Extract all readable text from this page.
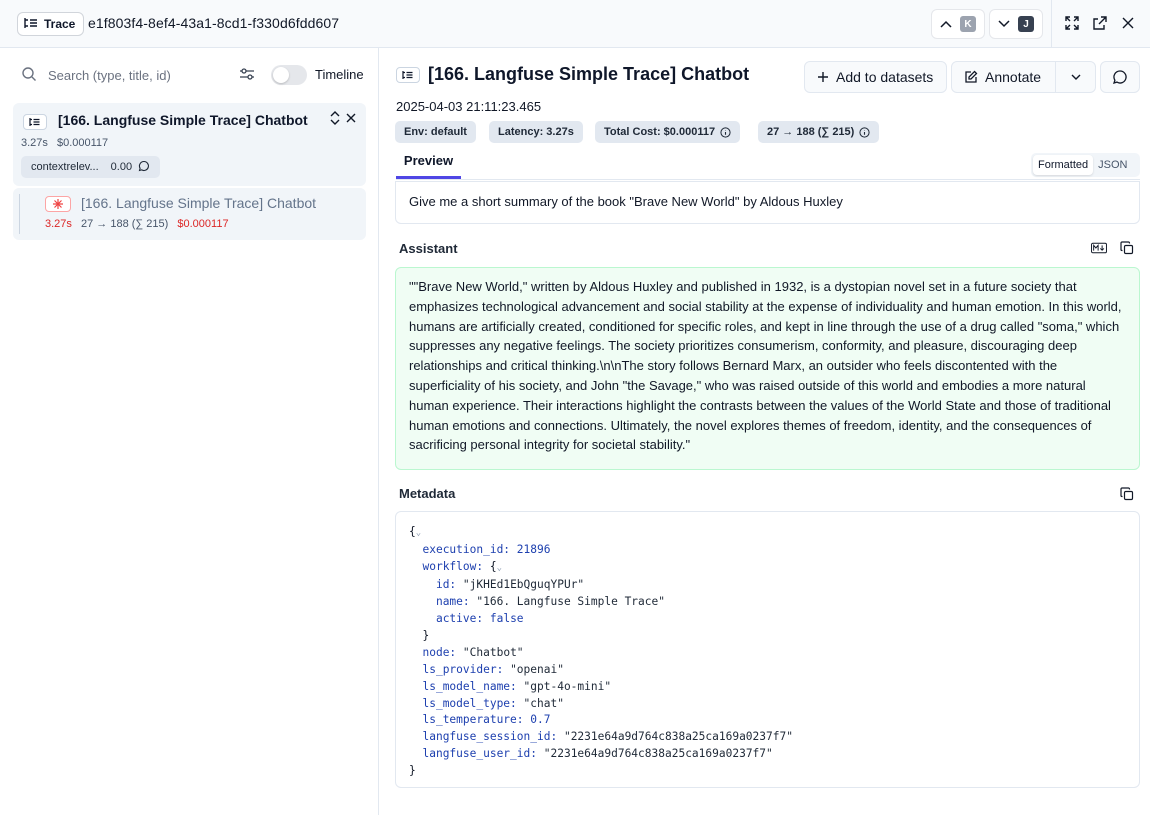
Trace e1f803f4-8ef4-43a1-8cd1-f330d6fdd607	K	J
Search (type, title, id)
Timeline
[166. Langfuse Simple Trace] Chatbot
3.27s $0.000117
contextrelev... 0.00
[166. Langfuse Simple Trace] Chatbot
3.27s 27 → 188 (∑ 215) $0.000117
[166. Langfuse Simple Trace] Chatbot	Add to datasets	Annotate
2025-04-03 21:11:23.465
Env: default	Latency: 3.27s	Total Cost: $0.000117	27 → 188 (∑ 215)
Preview	Formatted JSON
Give me a short summary of the book "Brave New World" by Aldous Huxley
Assistant
""Brave New World," written by Aldous Huxley and published in 1932, is a dystopian novel set in a future society that emphasizes technological advancement and social stability at the expense of individuality and human emotion. In this world, humans are artificially created, conditioned for specific roles, and kept in line through the use of a drug called "soma," which suppresses any negative feelings. The society prioritizes consumerism, conformity, and pleasure, discouraging deep relationships and critical thinking.\n\nThe story follows Bernard Marx, an outsider who feels discontented with the superficiality of his society, and John "the Savage," who was raised outside of this world and embodies a more natural human experience. Their interactions highlight the contrasts between the values of the World State and those of traditional human emotions and connections. Ultimately, the novel explores themes of freedom, identity, and the consequences of sacrificing personal integrity for societal stability."
Metadata
{⌄
execution_id: 21896
workflow: {⌄
id: "jKHEd1EbQguqYPUr"
name: "166. Langfuse Simple Trace"
active: false
}
node: "Chatbot"
ls_provider: "openai"
ls_model_name: "gpt-4o-mini"
ls_model_type: "chat"
ls_temperature: 0.7
langfuse_session_id: "2231e64a9d764c838a25ca169a0237f7"
langfuse_user_id: "2231e64a9d764c838a25ca169a0237f7"
}
